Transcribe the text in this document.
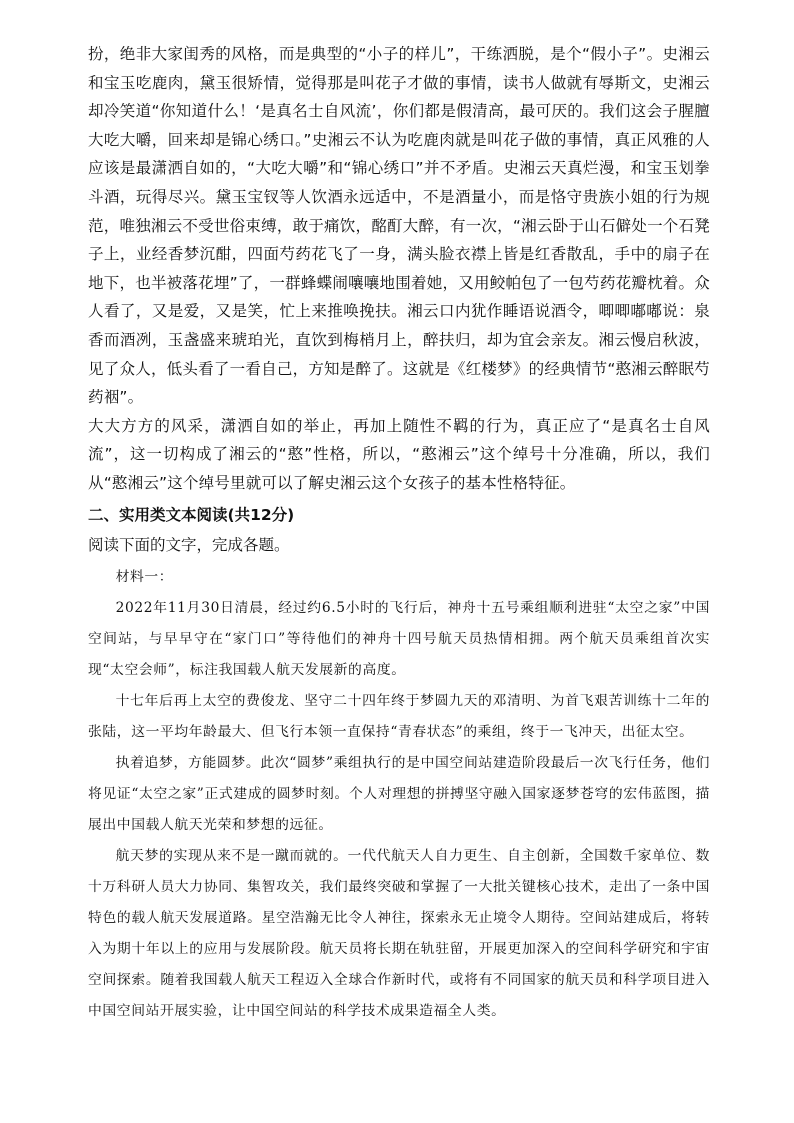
扮，绝非大家闺秀的风格，而是典型的“小子的样儿”，干练洒脱，是个“假小子”。史湘云和宝玉吃鹿肉，黛玉很矫情，觉得那是叫花子才做的事情，读书人做就有辱斯文，史湘云却冷笑道“你知道什么！‘是真名士自风流’，你们都是假清高，最可厌的。我们这会子腥膻大吃大嚼，回来却是锦心绣口。”史湘云不认为吃鹿肉就是叫花子做的事情，真正风雅的人应该是最潇洒自如的，“大吃大嚼”和“锦心绣口”并不矛盾。史湘云天真烂漫，和宝玉划拳斗酒，玩得尽兴。黛玉宝钗等人饮酒永远适中，不是酒量小，而是恪守贵族小姐的行为规范，唯独湘云不受世俗束缚，敢于痛饮，酩酊大醉，有一次，“湘云卧于山石僻处一个石凳子上，业经香梦沉酣，四面芍药花飞了一身，满头脸衣襟上皆是红香散乱，手中的扇子在地下，也半被落花埋”了，一群蜂蝶闹嚷嚷地围着她，又用鲛帕包了一包芍药花瓣枕着。众人看了，又是爱，又是笑，忙上来推唤挽扶。湘云口内犹作睡语说酒令，唧唧嘟嘟说：泉香而酒冽，玉盏盛来琥珀光，直饮到梅梢月上，醉扶归，却为宜会亲友。湘云慢启秋波，见了众人，低头看了一看自己，方知是醉了。这就是《红楼梦》的经典情节“憨湘云醉眠芍药裀”。

大大方方的风采，潇洒自如的举止，再加上随性不羁的行为，真正应了“是真名士自风流”，这一切构成了湘云的“憨”性格，所以，“憨湘云”这个绰号十分准确，所以，我们从“憨湘云”这个绰号里就可以了解史湘云这个女孩子的基本性格特征。

二、实用类文本阅读(共12分)

阅读下面的文字，完成各题。

材料一：

2022年11月30日清晨，经过约6.5小时的飞行后，神舟十五号乘组顺利进驻“太空之家”中国空间站，与早早守在“家门口”等待他们的神舟十四号航天员热情相拥。两个航天员乘组首次实现“太空会师”，标注我国载人航天发展新的高度。

十七年后再上太空的费俊龙、坚守二十四年终于梦圆九天的邓清明、为首飞艰苦训练十二年的张陆，这一平均年龄最大、但飞行本领一直保持“青春状态”的乘组，终于一飞冲天，出征太空。

执着追梦，方能圆梦。此次“圆梦”乘组执行的是中国空间站建造阶段最后一次飞行任务，他们将见证“太空之家”正式建成的圆梦时刻。个人对理想的拼搏坚守融入国家逐梦苍穹的宏伟蓝图，描展出中国载人航天光荣和梦想的远征。

航天梦的实现从来不是一蹴而就的。一代代航天人自力更生、自主创新，全国数千家单位、数十万科研人员大力协同、集智攻关，我们最终突破和掌握了一大批关键核心技术，走出了一条中国特色的载人航天发展道路。星空浩瀚无比令人神往，探索永无止境令人期待。空间站建成后，将转入为期十年以上的应用与发展阶段。航天员将长期在轨驻留，开展更加深入的空间科学研究和宇宙空间探索。随着我国载人航天工程迈入全球合作新时代，或将有不同国家的航天员和科学项目进入中国空间站开展实验，让中国空间站的科学技术成果造福全人类。
